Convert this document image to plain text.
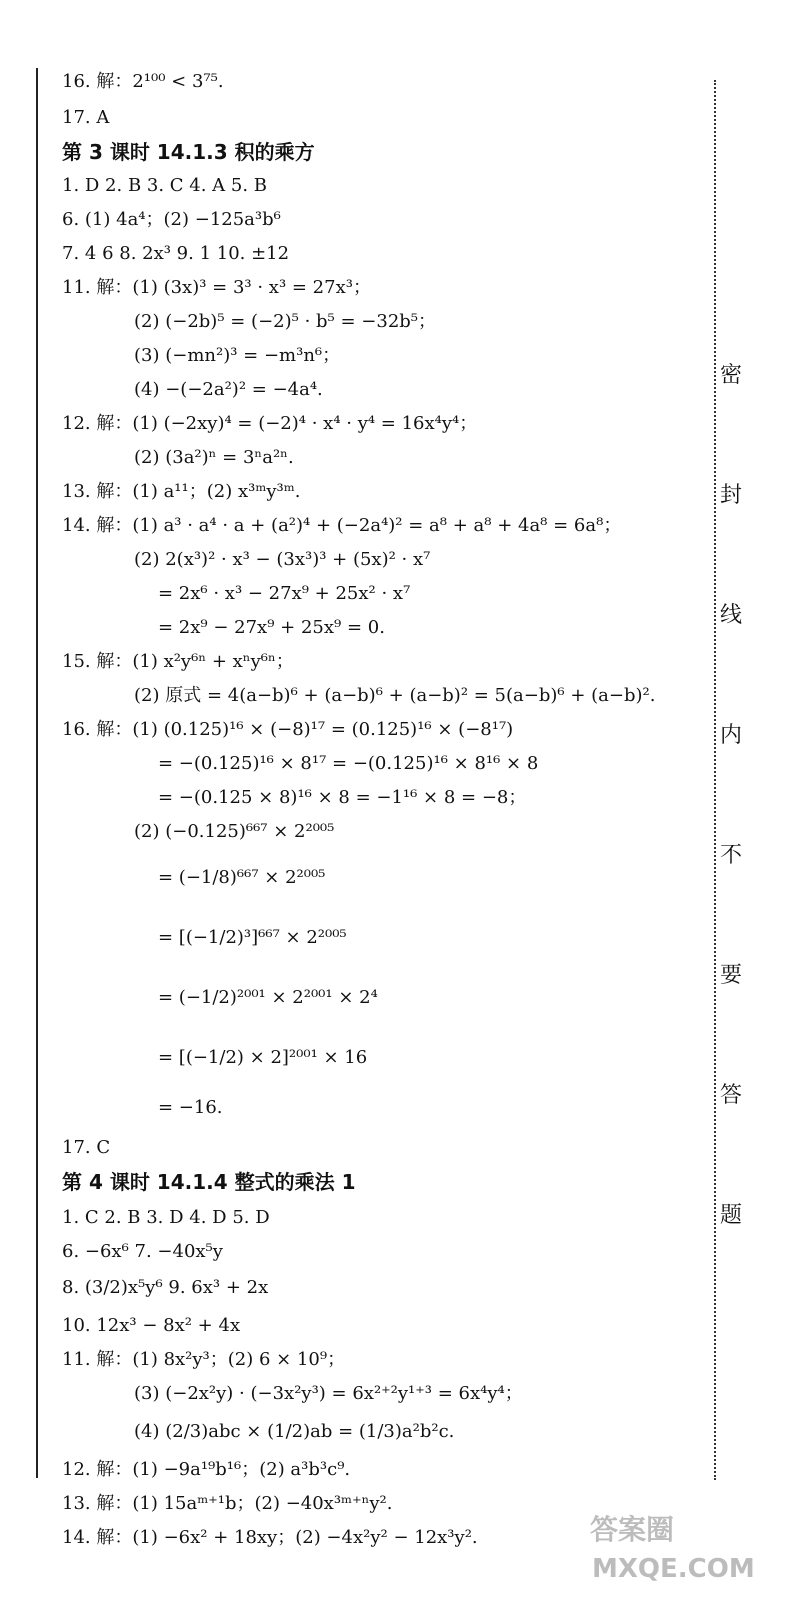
16. 解：2¹⁰⁰ < 3⁷⁵.
17. A
第 3 课时 14.1.3 积的乘方
1. D 2. B 3. C 4. A 5. B
6. (1) 4a⁴；(2) −125a³b⁶
7. 4 6 8. 2x³ 9. 1 10. ±12
11. 解：(1) (3x)³ = 3³ · x³ = 27x³；
(2) (−2b)⁵ = (−2)⁵ · b⁵ = −32b⁵；
(3) (−mn²)³ = −m³n⁶；
(4) −(−2a²)² = −4a⁴.
12. 解：(1) (−2xy)⁴ = (−2)⁴ · x⁴ · y⁴ = 16x⁴y⁴；
(2) (3a²)ⁿ = 3ⁿa²ⁿ.
13. 解：(1) a¹¹；(2) x³ᵐy³ᵐ.
14. 解：(1) a³ · a⁴ · a + (a²)⁴ + (−2a⁴)² = a⁸ + a⁸ + 4a⁸ = 6a⁸；
(2) 2(x³)² · x³ − (3x³)³ + (5x)² · x⁷
= 2x⁶ · x³ − 27x⁹ + 25x² · x⁷
= 2x⁹ − 27x⁹ + 25x⁹ = 0.
15. 解：(1) x²y⁶ⁿ + xⁿy⁶ⁿ；
(2) 原式 = 4(a−b)⁶ + (a−b)⁶ + (a−b)² = 5(a−b)⁶ + (a−b)².
16. 解：(1) (0.125)¹⁶ × (−8)¹⁷ = (0.125)¹⁶ × (−8¹⁷)
= −(0.125)¹⁶ × 8¹⁷ = −(0.125)¹⁶ × 8¹⁶ × 8
= −(0.125 × 8)¹⁶ × 8 = −1¹⁶ × 8 = −8；
(2) (−0.125)⁶⁶⁷ × 2²⁰⁰⁵
= (−1/8)⁶⁶⁷ × 2²⁰⁰⁵
= [(−1/2)³]⁶⁶⁷ × 2²⁰⁰⁵
= (−1/2)²⁰⁰¹ × 2²⁰⁰¹ × 2⁴
= [(−1/2) × 2]²⁰⁰¹ × 16
= −16.
17. C
第 4 课时 14.1.4 整式的乘法 1
1. C 2. B 3. D 4. D 5. D
6. −6x⁶ 7. −40x⁵y
8. (3/2)x⁵y⁶ 9. 6x³ + 2x
10. 12x³ − 8x² + 4x
11. 解：(1) 8x²y³；(2) 6 × 10⁹；
(3) (−2x²y) · (−3x²y³) = 6x²⁺²y¹⁺³ = 6x⁴y⁴；
(4) (2/3)abc × (1/2)ab = (1/3)a²b²c.
12. 解：(1) −9a¹⁹b¹⁶；(2) a³b³c⁹.
13. 解：(1) 15aᵐ⁺¹b；(2) −40x³ᵐ⁺ⁿy².
14. 解：(1) −6x² + 18xy；(2) −4x²y² − 12x³y².
密
封
线
内
不
要
答
题
答案圈
MXQE.COM
